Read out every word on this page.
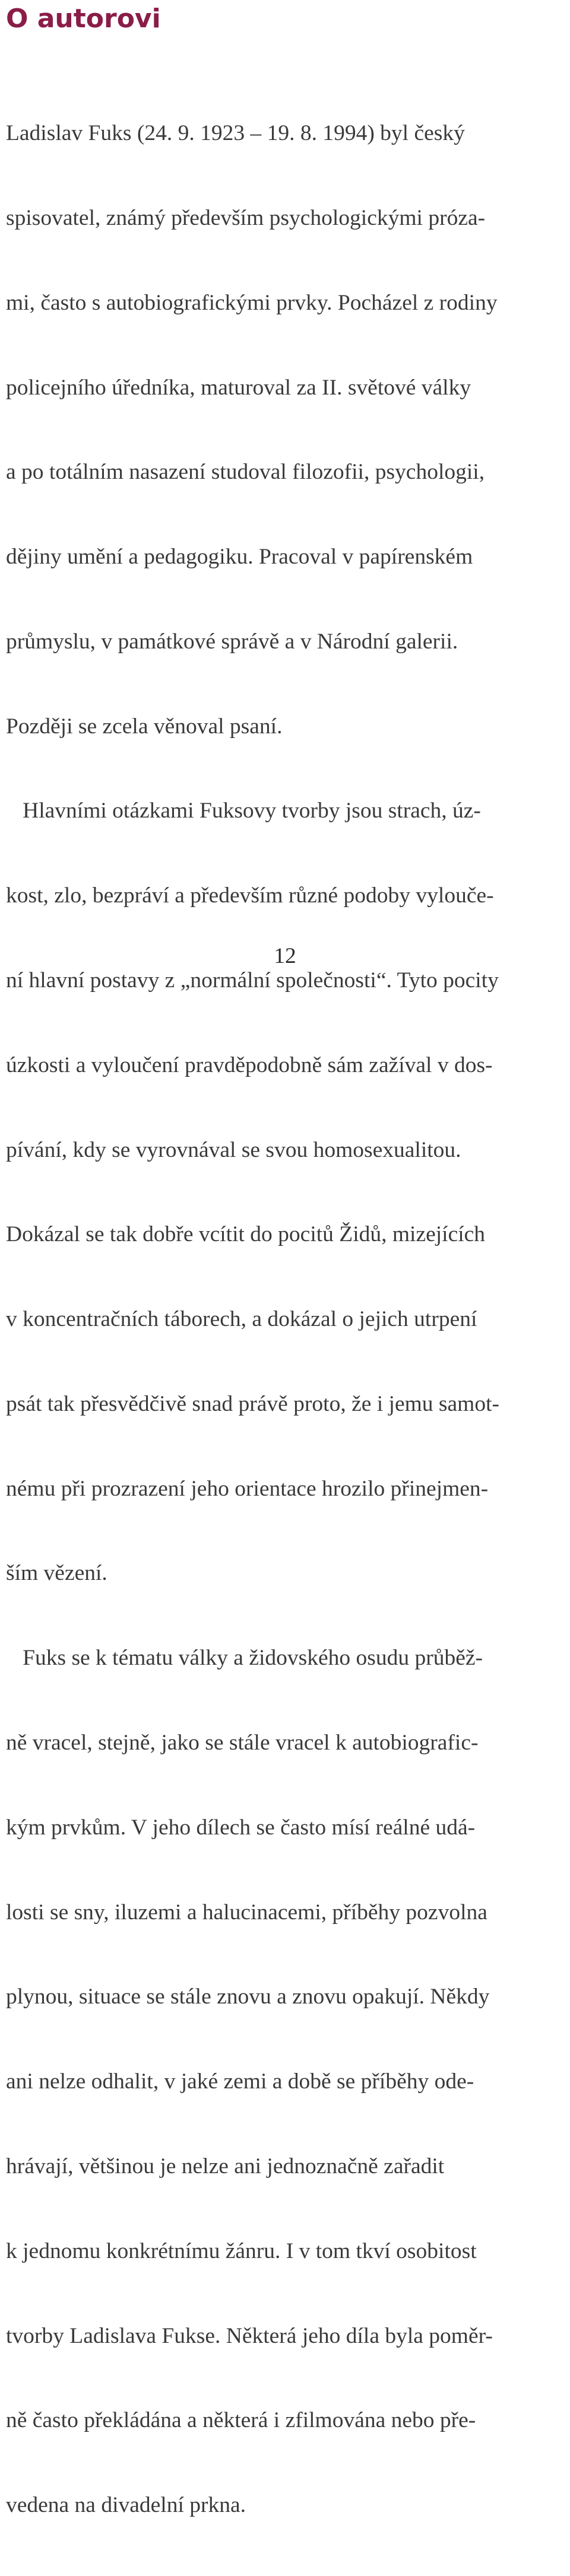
O autorovi

Ladislav Fuks (24. 9. 1923 – 19. 8. 1994) byl český

spisovatel, známý především psychologickými próza-

mi, často s autobiografickými prvky. Pocházel z rodiny

policejního úředníka, maturoval za II. světové války

a po totálním nasazení studoval filozofii, psychologii,

dějiny umění a pedagogiku. Pracoval v papírenském

průmyslu, v památkové správě a v Národní galerii.

Později se zcela věnoval psaní.

Hlavními otázkami Fuksovy tvorby jsou strach, úz-

kost, zlo, bezpráví a především různé podoby vylouče-

ní hlavní postavy z „normální společnosti“. Tyto pocity

úzkosti a vyloučení pravděpodobně sám zažíval v dos-

pívání, kdy se vyrovnával se svou homosexualitou.

Dokázal se tak dobře vcítit do pocitů Židů, mizejících

v koncentračních táborech, a dokázal o jejich utrpení

psát tak přesvědčivě snad právě proto, že i jemu samot-

nému při prozrazení jeho orientace hrozilo přinejmen-

ším vězení.

Fuks se k tématu války a židovského osudu průběž-

ně vracel, stejně, jako se stále vracel k autobiografic-

kým prvkům. V jeho dílech se často mísí reálné udá-

losti se sny, iluzemi a halucinacemi, příběhy pozvolna

plynou, situace se stále znovu a znovu opakují. Někdy

ani nelze odhalit, v jaké zemi a době se příběhy ode-

hrávají, většinou je nelze ani jednoznačně zařadit

k jednomu konkrétnímu žánru. I v tom tkví osobitost

tvorby Ladislava Fukse. Některá jeho díla byla poměr-

ně často překládána a některá i zfilmována nebo pře-

vedena na divadelní prkna.

12
